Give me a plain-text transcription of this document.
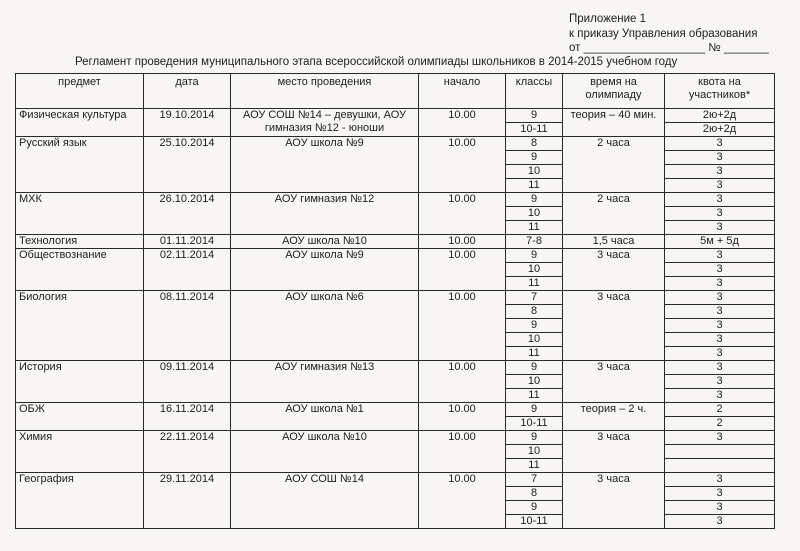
Приложение 1
к приказу Управления образования
от ___________________ № _______
Регламент проведения муниципального этапа всероссийской олимпиады школьников в 2014-2015 учебном году
предмет	дата	место проведения	начало	классы	время на олимпиаду	квота на участников*
Физическая культура	19.10.2014	АОУ СОШ №14 – девушки, АОУ гимназия №12 - юноши	10.00	9	теория – 40 мин.	2ю+2д
				10-11		2ю+2д
Русский язык	25.10.2014	АОУ школа №9	10.00	8	2 часа	3
				9		3
				10		3
				11		3
МХК	26.10.2014	АОУ гимназия №12	10.00	9	2 часа	3
				10		3
				11		3
Технология	01.11.2014	АОУ школа №10	10.00	7-8	1,5 часа	5м + 5д
Обществознание	02.11.2014	АОУ школа №9	10.00	9	3 часа	3
				10		3
				11		3
Биология	08.11.2014	АОУ школа №6	10.00	7	3 часа	3
				8		3
				9		3
				10		3
				11		3
История	09.11.2014	АОУ гимназия №13	10.00	9	3 часа	3
				10		3
				11		3
ОБЖ	16.11.2014	АОУ школа №1	10.00	9	теория – 2 ч.	2
				10-11		2
Химия	22.11.2014	АОУ школа №10	10.00	9	3 часа	3
				10		
				11		
География	29.11.2014	АОУ СОШ №14	10.00	7	3 часа	3
				8		3
				9		3
				10-11		3
